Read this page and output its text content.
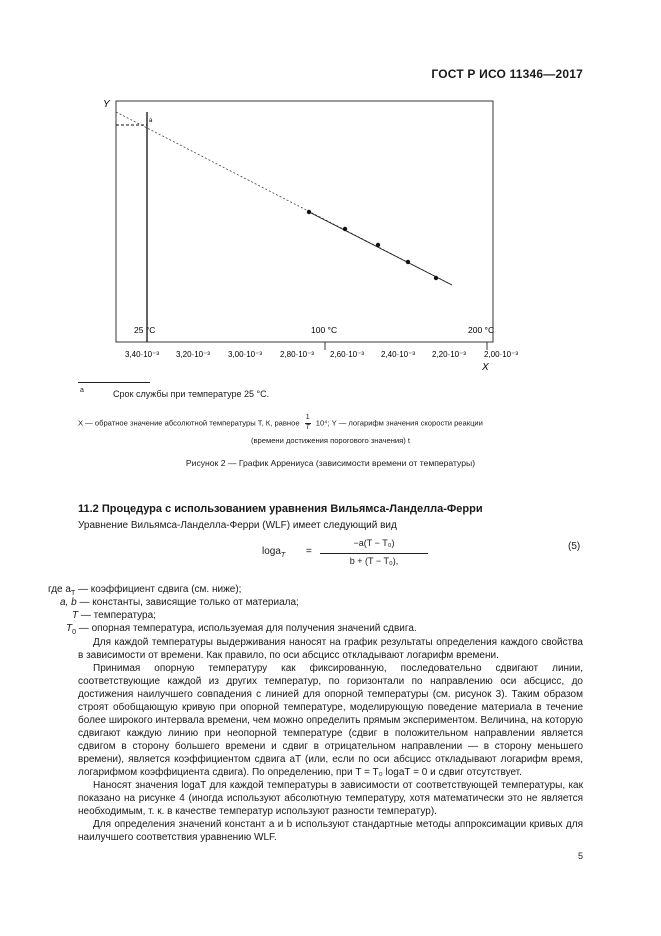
ГОСТ Р ИСО 11346—2017
Y
a
25 °C	100 °C	200 °C
3,40·10⁻³ 3,20·10⁻³ 3,00·10⁻³ 2,80·10⁻³ 2,60·10⁻³ 2,40·10⁻³ 2,20·10⁻³ 2,00·10⁻³
X
a	Срок службы при температуре 25 °C.
X — обратное значение абсолютной температуры T, К, равное $\frac{1}{T} 10^4$; Y — логарифм значения скорости реакции
(времени достижения порогового значения) t
Рисунок 2 — График Аррениуса (зависимости времени от температуры)
11.2 Процедура с использованием уравнения Вильямса-Ланделла-Ферри
Уравнение Вильямса-Ланделла-Ферри (WLF) имеет следующий вид
loga$_T$ =
−a(T − T₀)
b + (T − T₀),
(5)
где $a_T$ — коэффициент сдвига (см. ниже);
a, b — константы, зависящие только от материала;
T — температура;
$T_0$ — опорная температура, используемая для получения значений сдвига.

Для каждой температуры выдерживания наносят на график результаты определения каждого свойства в зависимости от времени. Как правило, по оси абсцисс откладывают логарифм времени.

Принимая опорную температуру как фиксированную, последовательно сдвигают линии, соответствующие каждой из других температур, по горизонтали по направлению оси абсцисс, до достижения наилучшего совпадения с линией для опорной температуры (см. рисунок 3). Таким образом строят обобщающую кривую при опорной температуре, моделирующую поведение материала в течение более широкого интервала времени, чем можно определить прямым экспериментом. Величина, на которую сдвигают каждую линию при неопорной температуре (сдвиг в положительном направлении является сдвигом в сторону большего времени и сдвиг в отрицательном направлении — в сторону меньшего времени), является коэффициентом сдвига aT (или, если по оси абсцисс откладывают логарифм время, логарифмом коэффициента сдвига). По определению, при T = T₀ logaT = 0 и сдвиг отсутствует.

Наносят значения logaT для каждой температуры в зависимости от соответствующей температуры, как показано на рисунке 4 (иногда используют абсолютную температуру, хотя математически это не является необходимым, т. к. в качестве температур используют разности температур).

Для определения значений констант a и b используют стандартные методы аппроксимации кривых для наилучшего соответствия уравнению WLF.

5
